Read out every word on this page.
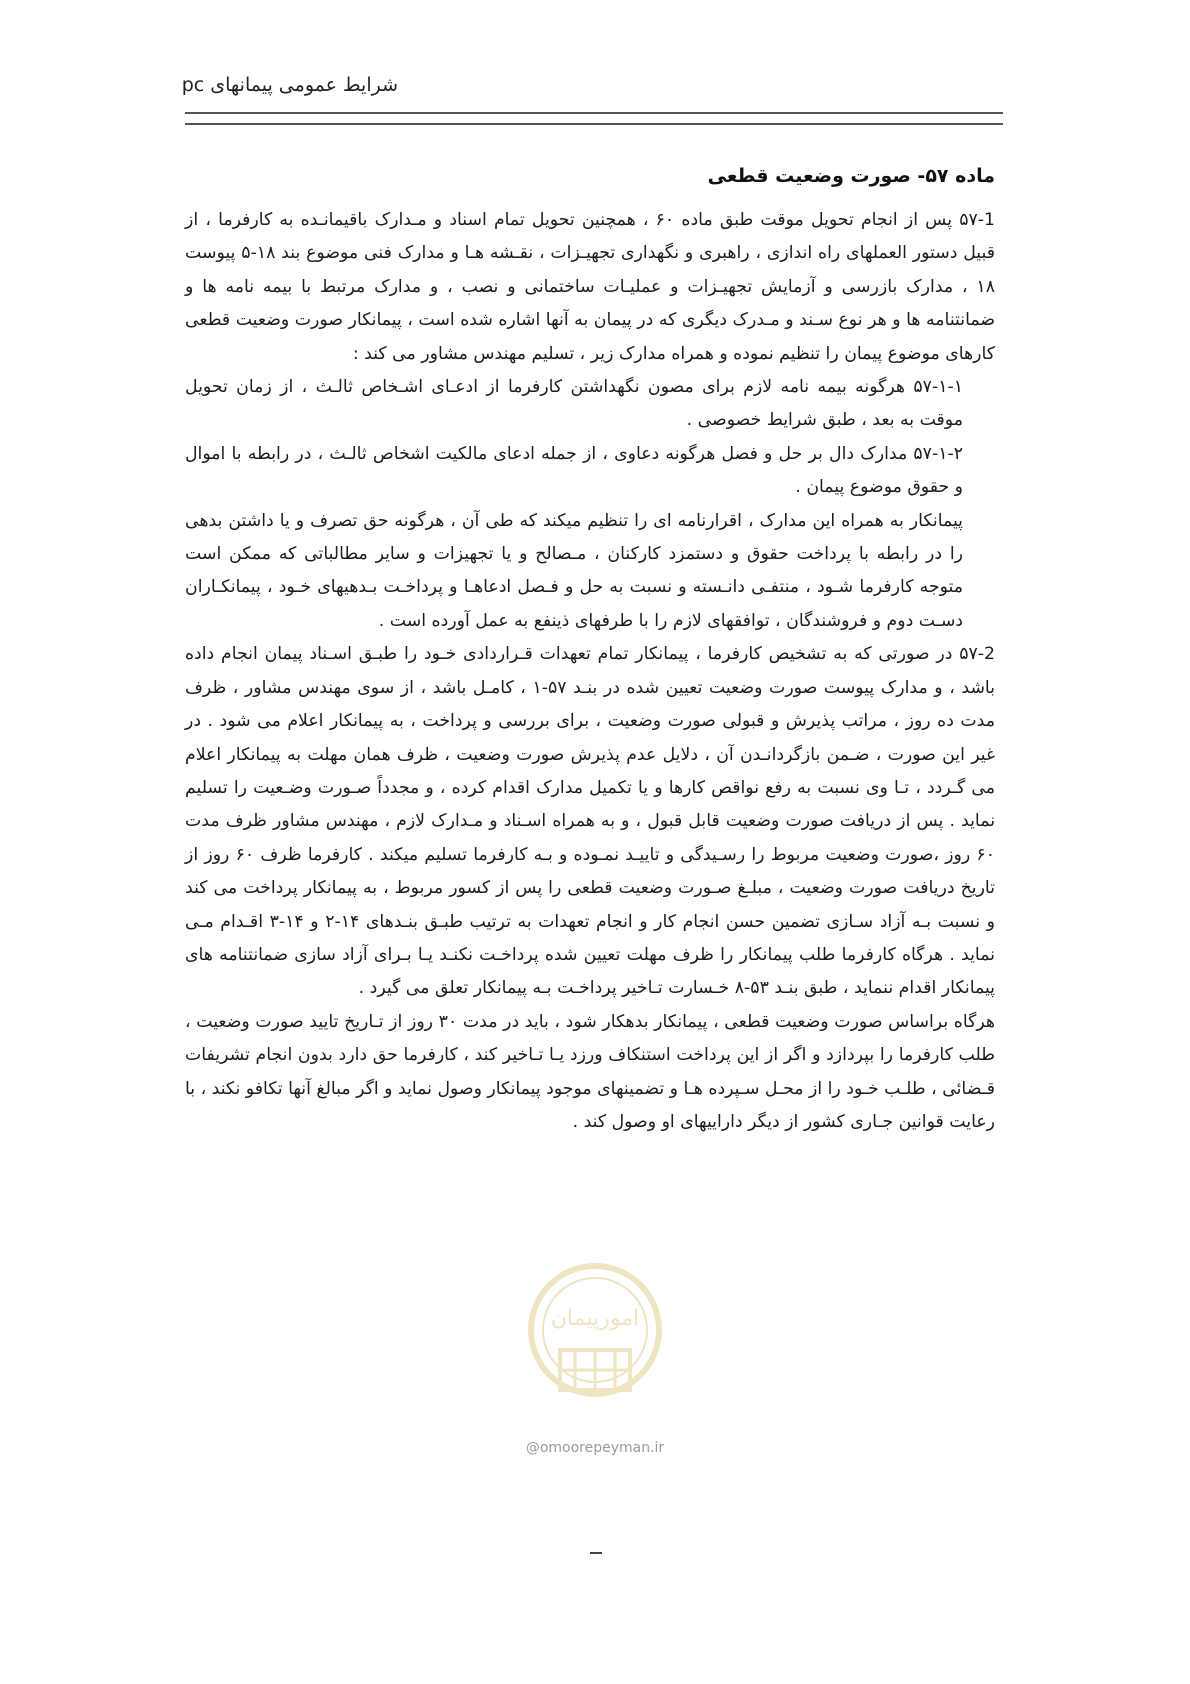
شرایط عمومی پیمانهای pc
ماده ۵۷- صورت وضعیت قطعی

۵۷-1 پس از انجام تحویل موقت طبق ماده ۶۰ ، همچنین تحویل تمام اسناد و مـدارک باقیمانـده به کارفرما ، از قبیل دستور العملهای راه اندازی ، راهبری و نگهداری تجهیـزات ، نقـشه هـا و مدارک فنی موضوع بند ۱۸-۵ پیوست ۱۸ ، مدارک بازرسی و آزمایش تجهیـزات و عملیـات ساختمانی و نصب ، و مدارک مرتبط با بیمه نامه ها و ضمانتنامه ها و هر نوع سـند و مـدرک دیگری که در پیمان به آنها اشاره شده است ، پیمانکار صورت وضعیت قطعی کارهای موضوع پیمان را تنظیم نموده و همراه مدارک زیر ، تسلیم مهندس مشاور می کند :

۵۷-۱-۱ هرگونه بیمه نامه لازم برای مصون نگهداشتن کارفرما از ادعـای اشـخاص ثالـث ، از زمان تحویل موقت به بعد ، طبق شرایط خصوصی .

۵۷-۱-۲ مدارک دال بر حل و فصل هرگونه دعاوی ، از جمله ادعای مالکیت اشخاص ثالـث ، در رابطه با اموال و حقوق موضوع پیمان .

پیمانکار به همراه این مدارک ، اقرارنامه ای را تنظیم میکند که طی آن ، هرگونه حق تصرف و یا داشتن بدهی را در رابطه با پرداخت حقوق و دستمزد کارکنان ، مـصالح و یا تجهیزات و سایر مطالباتی که ممکن است متوجه کارفرما شـود ، منتفـی دانـسته و نسبت به حل و فـصل ادعاهـا و پرداخـت بـدهیهای خـود ، پیمانکـاران دسـت دوم و فروشندگان ، توافقهای لازم را با طرفهای ذینفع به عمل آورده است .

۵۷-2 در صورتی که به تشخیص کارفرما ، پیمانکار تمام تعهدات قـراردادی خـود را طبـق اسـناد پیمان انجام داده باشد ، و مدارک پیوست صورت وضعیت تعیین شده در بنـد ۵۷-۱ ، کامـل باشد ، از سوی مهندس مشاور ، ظرف مدت ده روز ، مراتب پذیرش و قبولی صورت وضعیت ، برای بررسی و پرداخت ، به پیمانکار اعلام می شود . در غیر این صورت ، ضـمن بازگردانـدن آن ، دلایل عدم پذیرش صورت وضعیت ، ظرف همان مهلت به پیمانکار اعلام می گـردد ، تـا وی نسبت به رفع نواقص کارها و یا تکمیل مدارک اقدام کرده ، و مجدداً صـورت وضـعیت را تسلیم نماید . پس از دریافت صورت وضعیت قابل قبول ، و به همراه اسـناد و مـدارک لازم ، مهندس مشاور ظرف مدت ۶۰ روز ،صورت وضعیت مربوط را رسـیدگی و تاییـد نمـوده و بـه کارفرما تسلیم میکند . کارفرما ظرف ۶۰ روز از تاریخ دریافت صورت وضعیت ، مبلـغ صـورت وضعیت قطعی را پس از کسور مربوط ، به پیمانکار پرداخت می کند و نسبت بـه آزاد سـازی تضمین حسن انجام کار و انجام تعهدات به ترتیب طبـق بنـدهای ۱۴-۲ و ۱۴-۳ اقـدام مـی نماید . هرگاه کارفرما طلب پیمانکار را ظرف مهلت تعیین شده پرداخـت نکنـد یـا بـرای آزاد سازی ضمانتنامه های پیمانکار اقدام ننماید ، طبق بنـد ۵۳-۸ خـسارت تـاخیر پرداخـت بـه پیمانکار تعلق می گیرد .

هرگاه براساس صورت وضعیت قطعی ، پیمانکار بدهکار شود ، باید در مدت ۳۰ روز از تـاریخ تایید صورت وضعیت ، طلب کارفرما را بپردازد و اگر از این پرداخت استنکاف ورزد یـا تـاخیر کند ، کارفرما حق دارد بدون انجام تشریفات قـضائی ، طلـب خـود را از محـل سـپرده هـا و تضمینهای موجود پیمانکار وصول نماید و اگر مبالغ آنها تکافو نکند ، با رعایت قوانین جـاری کشور از دیگر داراییهای او وصول کند .

امورپیمان
@omoorepeyman.ir
